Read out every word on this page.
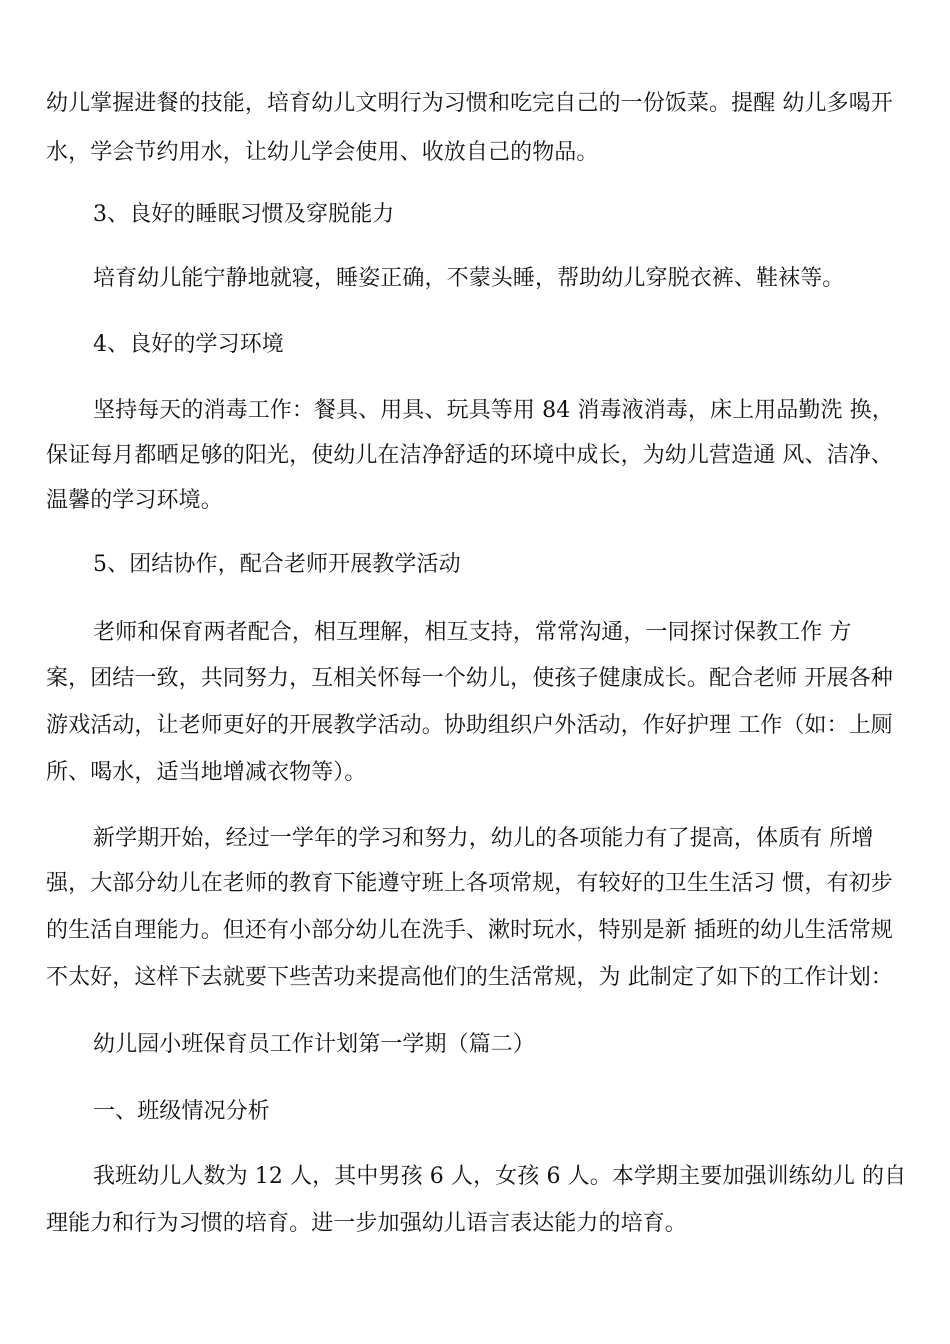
幼儿掌握进餐的技能，培育幼儿文明行为习惯和吃完自己的一份饭菜。提醒 幼儿多喝开
水，学会节约用水，让幼儿学会使用、收放自己的物品。
3、良好的睡眠习惯及穿脱能力
培育幼儿能宁静地就寝，睡姿正确，不蒙头睡，帮助幼儿穿脱衣裤、鞋袜等。
4、良好的学习环境
坚持每天的消毒工作：餐具、用具、玩具等用 84 消毒液消毒，床上用品勤洗 换，
保证每月都晒足够的阳光，使幼儿在洁净舒适的环境中成长，为幼儿营造通 风、洁净、
温馨的学习环境。
5、团结协作，配合老师开展教学活动
老师和保育两者配合，相互理解，相互支持，常常沟通，一同探讨保教工作 方
案，团结一致，共同努力，互相关怀每一个幼儿，使孩子健康成长。配合老师 开展各种
游戏活动，让老师更好的开展教学活动。协助组织户外活动，作好护理 工作（如：上厕
所、喝水，适当地增减衣物等）。
新学期开始，经过一学年的学习和努力，幼儿的各项能力有了提高，体质有 所增
强，大部分幼儿在老师的教育下能遵守班上各项常规，有较好的卫生生活习 惯，有初步
的生活自理能力。但还有小部分幼儿在洗手、漱时玩水，特别是新 插班的幼儿生活常规
不太好，这样下去就要下些苦功来提高他们的生活常规，为 此制定了如下的工作计划：
幼儿园小班保育员工作计划第一学期（篇二）
一、班级情况分析
我班幼儿人数为 12 人，其中男孩 6 人，女孩 6 人。本学期主要加强训练幼儿 的自
理能力和行为习惯的培育。进一步加强幼儿语言表达能力的培育。
